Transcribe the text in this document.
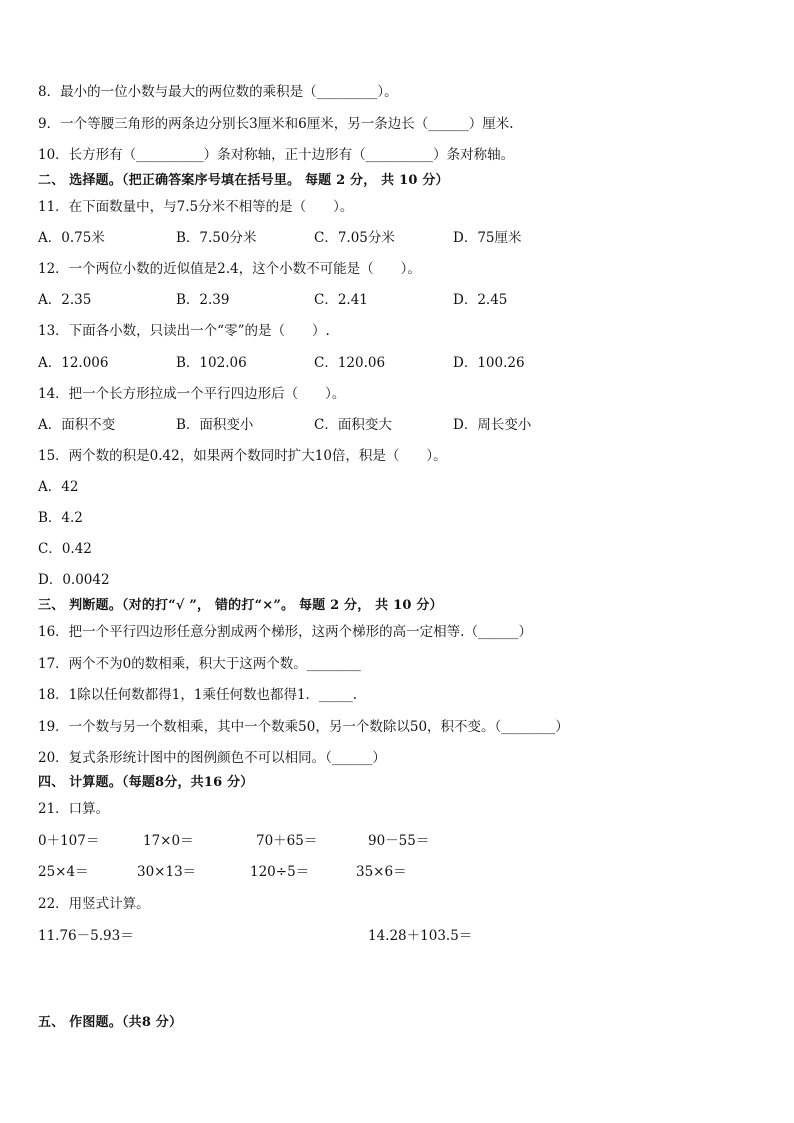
8．最小的一位小数与最大的两位数的乘积是（_________）。
9．一个等腰三角形的两条边分别长3厘米和6厘米，另一条边长（______）厘米.
10．长方形有（__________）条对称轴，正十边形有（__________）条对称轴。
二、 选择题。（把正确答案序号填在括号里。 每题 2 分， 共 10 分）
11．在下面数量中，与7.5分米不相等的是（　　）。
A．0.75米	B．7.50分米	C．7.05分米	D．75厘米
12．一个两位小数的近似值是2.4，这个小数不可能是（　　）。
A．2.35	B．2.39	C．2.41	D．2.45
13．下面各小数，只读出一个“零”的是（　　）.
A．12.006	B．102.06	C．120.06	D．100.26
14．把一个长方形拉成一个平行四边形后（　　）。
A．面积不变	B．面积变小	C．面积变大	D．周长变小
15．两个数的积是0.42，如果两个数同时扩大10倍，积是（　　）。
A．42
B．4.2
C．0.42
D．0.0042
三、 判断题。（对的打“√ ”， 错的打“×”。 每题 2 分， 共 10 分）
16．把一个平行四边形任意分割成两个梯形，这两个梯形的高一定相等.（______）
17．两个不为0的数相乘，积大于这两个数。________
18．1除以任何数都得1，1乘任何数也都得1．_____.
19．一个数与另一个数相乘，其中一个数乘50，另一个数除以50，积不变。（________）
20．复式条形统计图中的图例颜色不可以相同。（______）
四、 计算题。（每题8分，共16 分）
21．口算。
0＋107＝	17×0＝	70＋65＝	90－55＝
25×4＝	30×13＝	120÷5＝	35×6＝
22．用竖式计算。
11.76－5.93＝	14.28＋103.5＝
五、 作图题。（共8 分）
